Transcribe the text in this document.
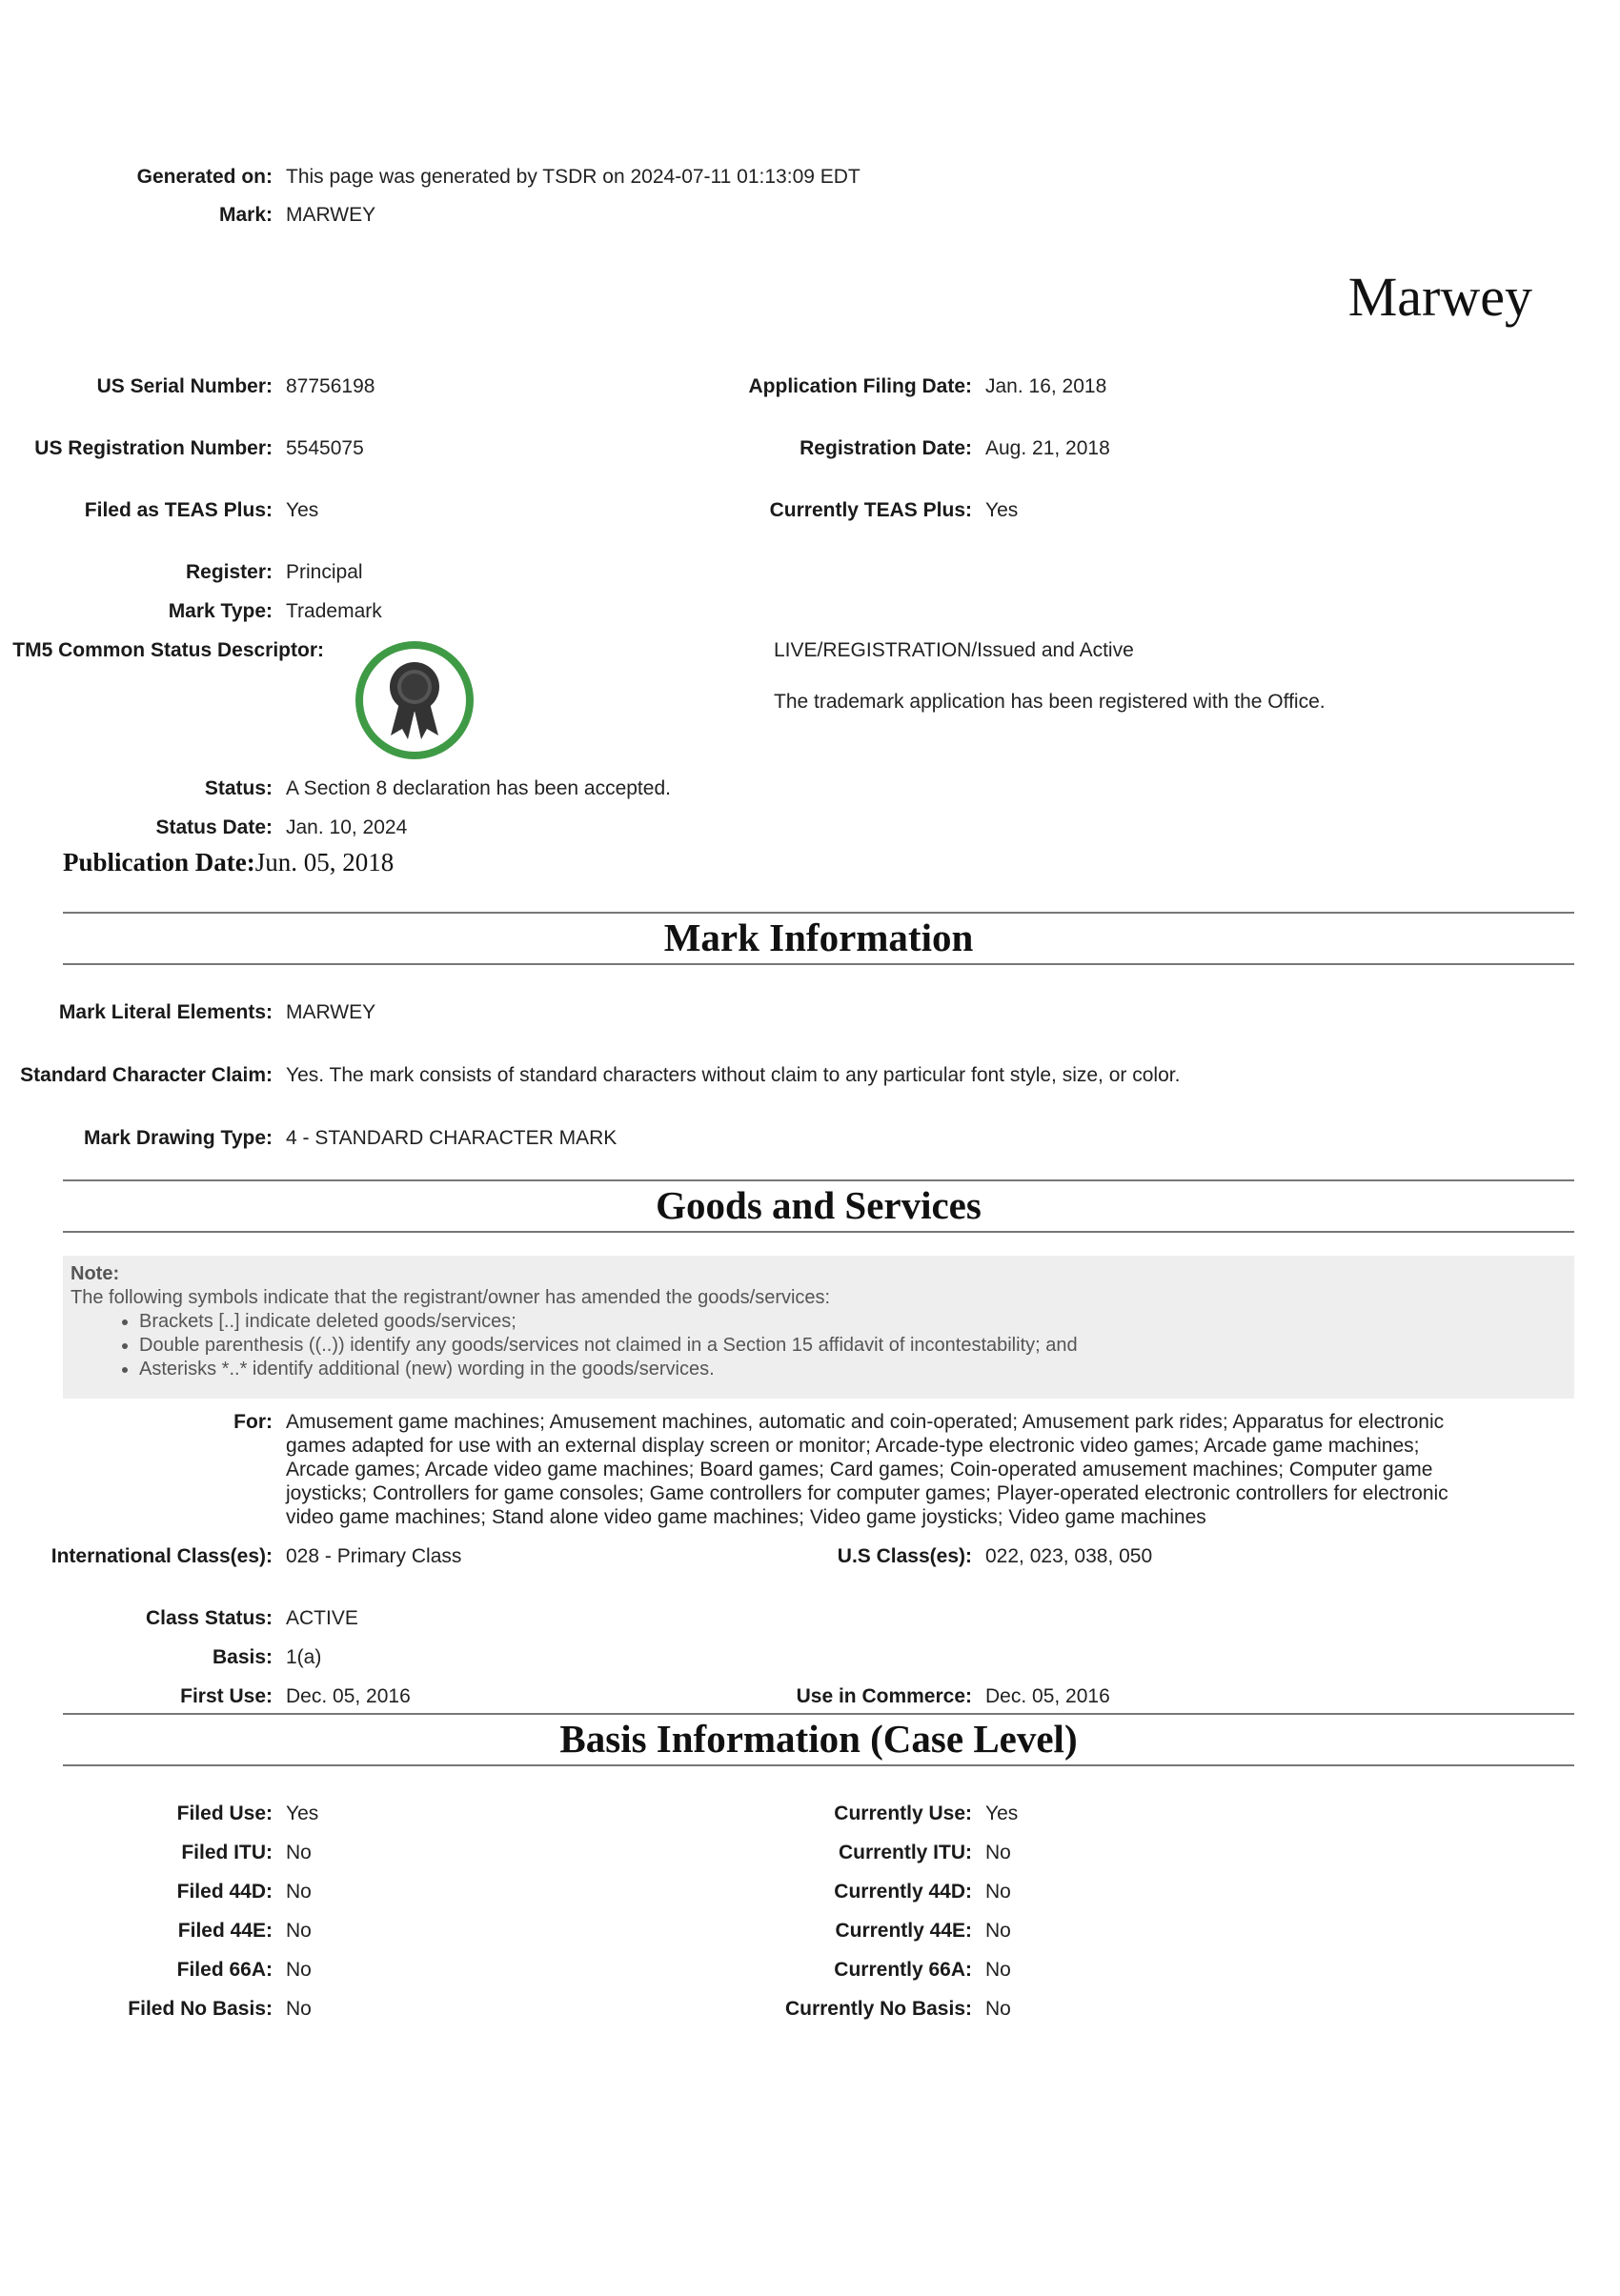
Generated on: This page was generated by TSDR on 2024-07-11 01:13:09 EDT
Mark: MARWEY
Marwey
US Serial Number: 87756198	Application Filing Date: Jan. 16, 2018
US Registration Number: 5545075	Registration Date: Aug. 21, 2018
Filed as TEAS Plus: Yes	Currently TEAS Plus: Yes
Register: Principal
Mark Type: Trademark
TM5 Common Status Descriptor:	LIVE/REGISTRATION/Issued and Active
The trademark application has been registered with the Office.
Status: A Section 8 declaration has been accepted.
Status Date: Jan. 10, 2024
Publication Date:Jun. 05, 2018
Mark Information
Mark Literal Elements: MARWEY
Standard Character Claim: Yes. The mark consists of standard characters without claim to any particular font style, size, or color.
Mark Drawing Type: 4 - STANDARD CHARACTER MARK
Goods and Services
Note:
The following symbols indicate that the registrant/owner has amended the goods/services:
• Brackets [..] indicate deleted goods/services;
• Double parenthesis ((..)) identify any goods/services not claimed in a Section 15 affidavit of incontestability; and
• Asterisks *..* identify additional (new) wording in the goods/services.
For: Amusement game machines; Amusement machines, automatic and coin-operated; Amusement park rides; Apparatus for electronic games adapted for use with an external display screen or monitor; Arcade-type electronic video games; Arcade game machines; Arcade games; Arcade video game machines; Board games; Card games; Coin-operated amusement machines; Computer game joysticks; Controllers for game consoles; Game controllers for computer games; Player-operated electronic controllers for electronic video game machines; Stand alone video game machines; Video game joysticks; Video game machines
International Class(es): 028 - Primary Class	U.S Class(es): 022, 023, 038, 050
Class Status: ACTIVE
Basis: 1(a)
First Use: Dec. 05, 2016	Use in Commerce: Dec. 05, 2016
Basis Information (Case Level)
Filed Use: Yes	Currently Use: Yes
Filed ITU: No	Currently ITU: No
Filed 44D: No	Currently 44D: No
Filed 44E: No	Currently 44E: No
Filed 66A: No	Currently 66A: No
Filed No Basis: No	Currently No Basis: No
